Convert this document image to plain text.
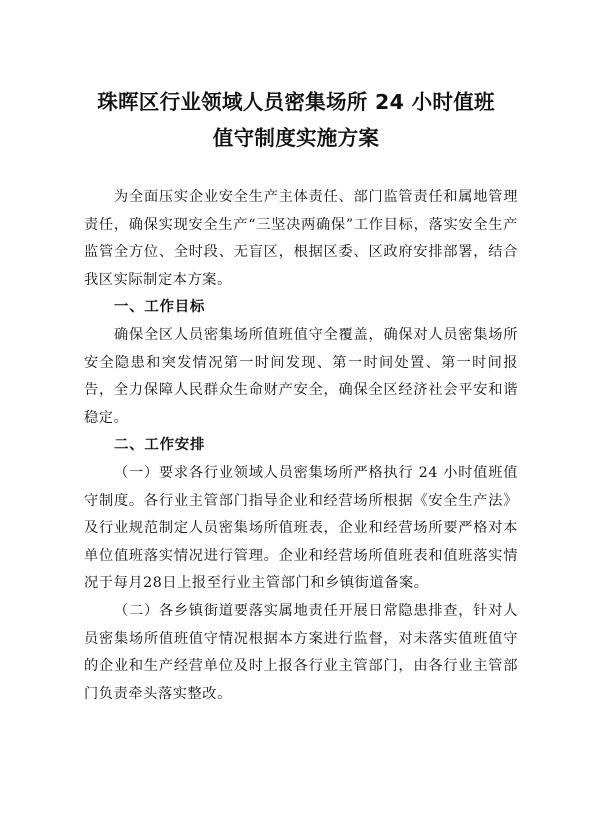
珠晖区行业领域人员密集场所 24 小时值班
值守制度实施方案

为全面压实企业安全生产主体责任、部门监管责任和属地管理责任，确保实现安全生产“三坚决两确保”工作目标，落实安全生产监管全方位、全时段、无盲区，根据区委、区政府安排部署，结合我区实际制定本方案。

一、工作目标

确保全区人员密集场所值班值守全覆盖，确保对人员密集场所安全隐患和突发情况第一时间发现、第一时间处置、第一时间报告，全力保障人民群众生命财产安全，确保全区经济社会平安和谐稳定。

二、工作安排

（一）要求各行业领域人员密集场所严格执行 24 小时值班值守制度。各行业主管部门指导企业和经营场所根据《安全生产法》及行业规范制定人员密集场所值班表，企业和经营场所要严格对本单位值班落实情况进行管理。企业和经营场所值班表和值班落实情况于每月28日上报至行业主管部门和乡镇街道备案。

（二）各乡镇街道要落实属地责任开展日常隐患排查，针对人员密集场所值班值守情况根据本方案进行监督，对未落实值班值守的企业和生产经营单位及时上报各行业主管部门，由各行业主管部门负责牵头落实整改。
